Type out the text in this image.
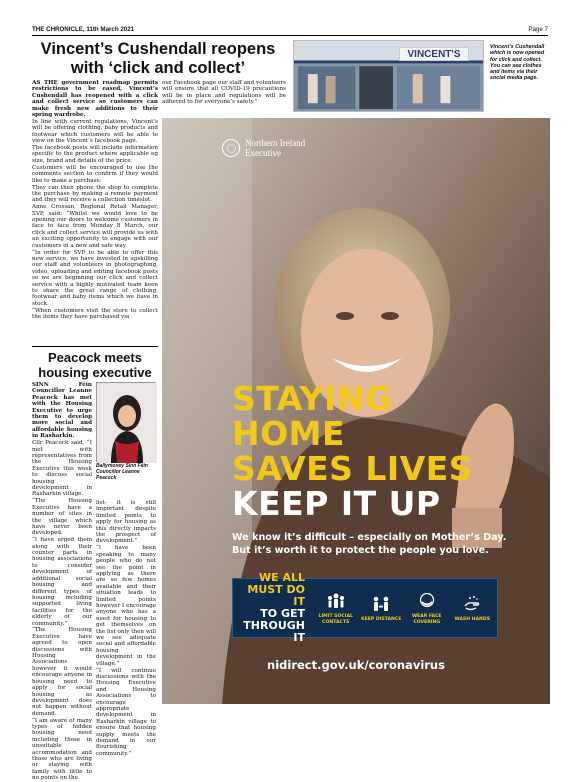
THE CHRONICLE, 11th March 2021	Page 7
Vincent’s Cushendall reopens with ‘click and collect’

AS THE government roadmap permits restrictions to be eased, Vincent’s Cushendall has reopened with a click and collect service so customers can make fresh new additions to their spring wardrobe.

In line with current regulations, Vincent’s will be offering clothing, baby products and footwear which customers will be able to view on the Vincent’s facebook page.

The facebook posts will include information specific to the product where applicable eg size, brand and details of the price.

Customers will be encouraged to use the comments section to confirm if they would like to make a purchase.

They can then phone the shop to complete the purchase by making a remote payment and they will receive a collection timeslot.

Anne Crossan, Regional Retail Manager, SVP, said: “Whilst we would love to be opening our doors to welcome customers in face to face from Monday 8 March, our click and collect service will provide us with an exciting opportunity to engage with our customers in a new and safe way.

“In order for SVP to be able to offer this new service, we have invested in upskilling our staff and volunteers in photographing, video, uploading and editing facebook posts so we are beginning our click and collect service with a highly motivated team keen to share the great range of clothing, footwear and baby items which we have in stock.

“When customers visit the store to collect the items they have purchased via

our Facebook page our staff and volunteers will ensure that all COVID-19 precautions will be in place and regulations will be adhered to for everyone’s safety.”

VINCENT'S
Vincent’s Cushendall which is now opened for click and collect. You can see clothes and items via their social media page.
Peacock meets housing executive

SINN Féin Councillor Leanne Peacock has met with the Housing Executive to urge them to develop more social and affordable housing in Rasharkin.

Cllr Peacock said, “I met with representatives from the Housing Executive this week to discuss social housing development in Rasharkin village.

“The Housing Executive have a number of sites in the village which have never been developed.

“I have urged them along with their counter parts in housing associations to consider development of additional social housing and different types of housing including supported living facilities for the elderly of our community.”

“The Housing Executive have agreed to open discussions with Housing Associations however it would encourage anyone in housing need to apply for social housing as development does not happen without demand.

“I am aware of many types of hidden housing need including those in unsuitable accommodation and those who are living or staying with family with little to no points on the

Ballymoney Sinn Féin Councillor Leanne Peacock

list- it is still important despite limited points to apply for housing as this directly impacts the prospect of development.”

“I have been speaking to many people who do not see the point in applying as there are so few homes available and their situation leads to limited points however I encourage anyone who has a need for housing to get themselves on the list only then will we see adequate social and affordable housing development in the village.”

“I will continue discussions with the Housing Executive and Housing Associations to encourage appropriate development in Rasharkin village to ensure that housing supply meets the demand in our flourishing community.”

Northern Ireland
Executive
STAYING
HOME
SAVES LIVES
KEEP IT UP
We know it’s difficult – especially on Mother’s Day.
But it’s worth it to protect the people you love.
WE ALL MUST DO IT
TO GET THROUGH IT
LIMIT SOCIAL CONTACTS
KEEP DISTANCE
WEAR FACE COVERING
WASH HANDS
nidirect.gov.uk/coronavirus
